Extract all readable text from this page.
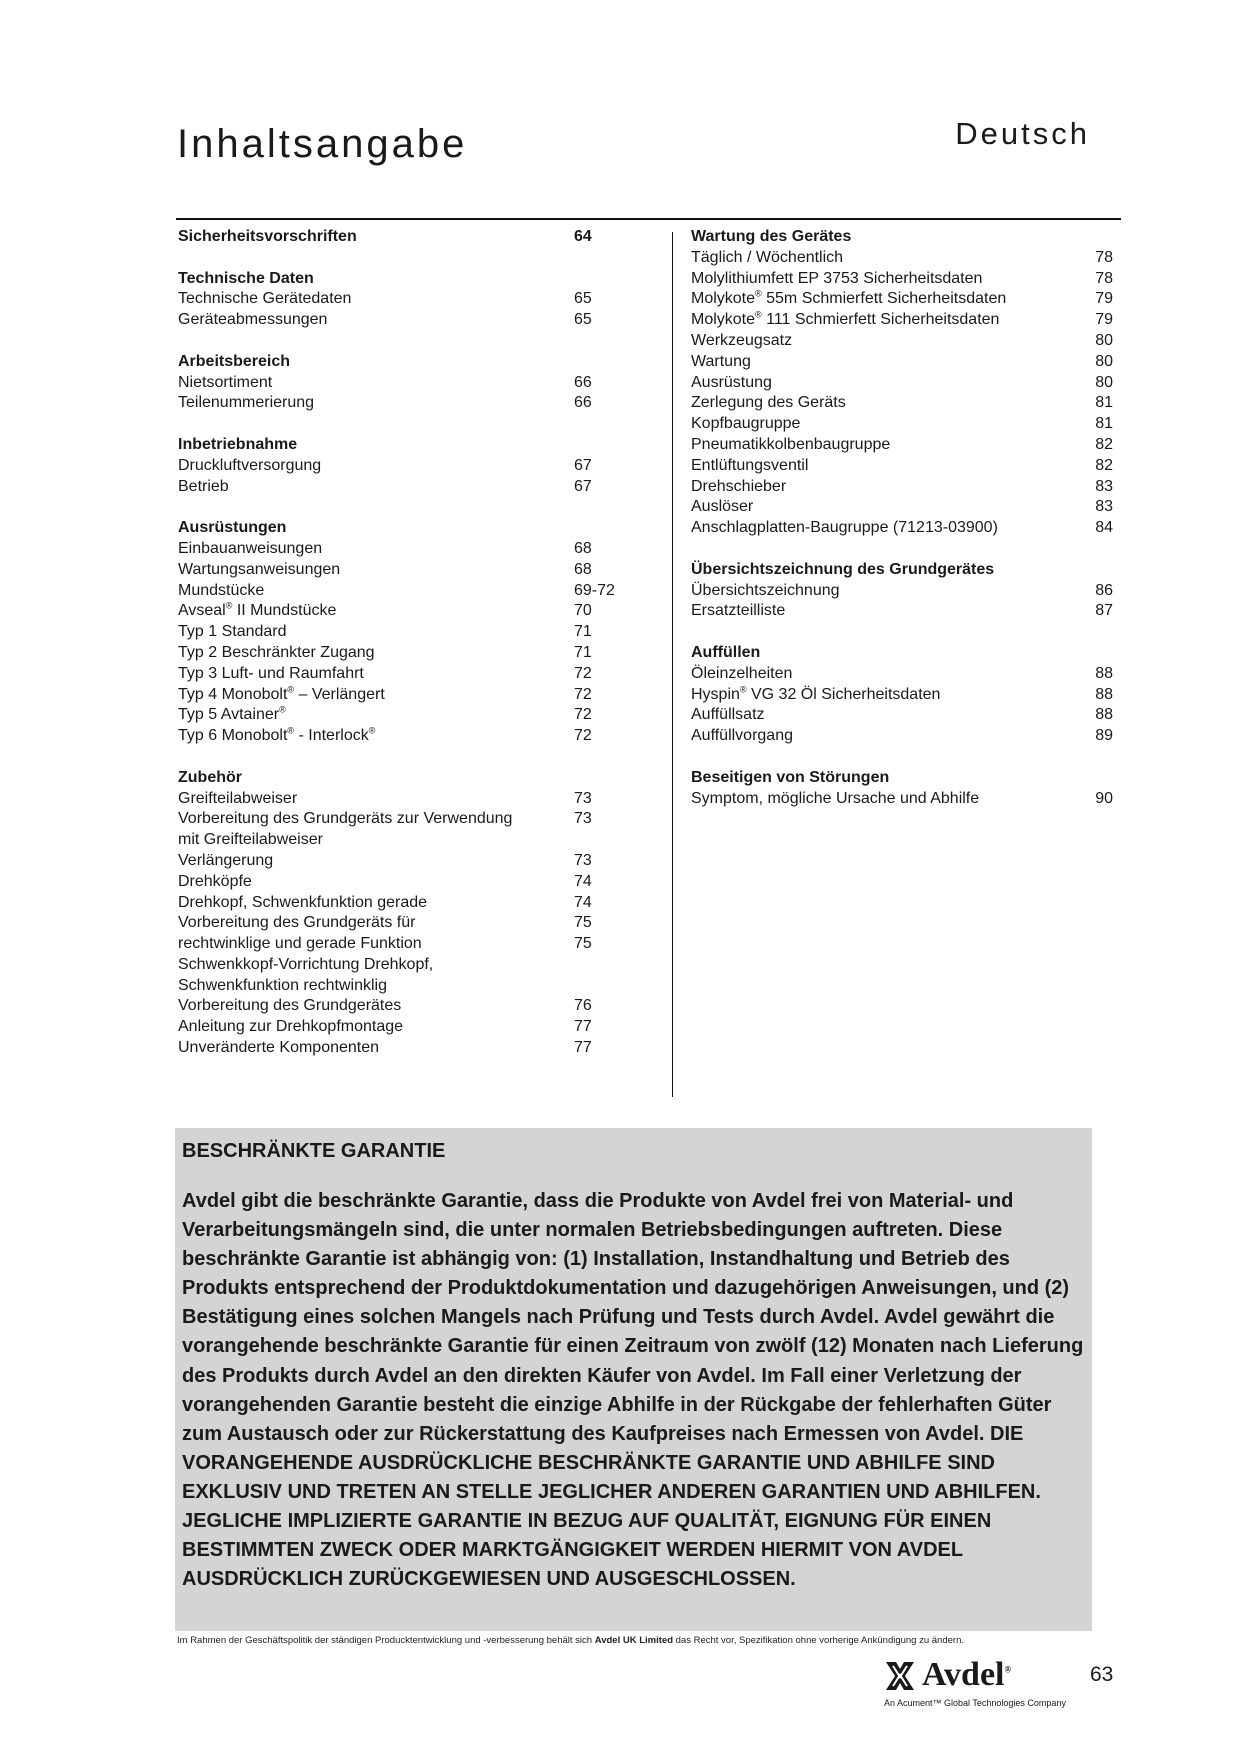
Inhaltsangabe	Deutsch
Sicherheitsvorschriften	64
Technische Daten
Technische Gerätedaten	65
Geräteabmessungen	65
Arbeitsbereich
Nietsortiment	66
Teilenummerierung	66
Inbetriebnahme
Druckluftversorgung	67
Betrieb	67
Ausrüstungen
Einbauanweisungen	68
Wartungsanweisungen	68
Mundstücke	69-72
Avseal® II Mundstücke	70
Typ 1 Standard	71
Typ 2 Beschränkter Zugang	71
Typ 3 Luft- und Raumfahrt	72
Typ 4 Monobolt® – Verlängert	72
Typ 5 Avtainer®	72
Typ 6 Monobolt® - Interlock®	72
Zubehör
Greifteilabweiser	73
Vorbereitung des Grundgeräts zur Verwendung	73
mit Greifteilabweiser
Verlängerung	73
Drehköpfe	74
Drehkopf, Schwenkfunktion gerade	74
Vorbereitung des Grundgeräts für	75
rechtwinklige und gerade Funktion	75
Schwenkkopf-Vorrichtung Drehkopf,
Schwenkfunktion rechtwinklig
Vorbereitung des Grundgerätes	76
Anleitung zur Drehkopfmontage	77
Unveränderte Komponenten	77
Wartung des Gerätes
Täglich / Wöchentlich	78
Molylithiumfett EP 3753 Sicherheitsdaten	78
Molykote® 55m Schmierfett Sicherheitsdaten	79
Molykote® 111 Schmierfett Sicherheitsdaten	79
Werkzeugsatz	80
Wartung	80
Ausrüstung	80
Zerlegung des Geräts	81
Kopfbaugruppe	81
Pneumatikkolbenbaugruppe	82
Entlüftungsventil	82
Drehschieber	83
Auslöser	83
Anschlagplatten-Baugruppe (71213-03900)	84
Übersichtszeichnung des Grundgerätes
Übersichtszeichnung	86
Ersatzteilliste	87
Auffüllen
Öleinzelheiten	88
Hyspin® VG 32 Öl Sicherheitsdaten	88
Auffüllsatz	88
Auffüllvorgang	89
Beseitigen von Störungen
Symptom, mögliche Ursache und Abhilfe	90
BESCHRÄNKTE GARANTIE

Avdel gibt die beschränkte Garantie, dass die Produkte von Avdel frei von Material- und Verarbeitungsmängeln sind, die unter normalen Betriebsbedingungen auftreten. Diese beschränkte Garantie ist abhängig von: (1) Installation, Instandhaltung und Betrieb des Produkts entsprechend der Produktdokumentation und dazugehörigen Anweisungen, und (2) Bestätigung eines solchen Mangels nach Prüfung und Tests durch Avdel. Avdel gewährt die vorangehende beschränkte Garantie für einen Zeitraum von zwölf (12) Monaten nach Lieferung des Produkts durch Avdel an den direkten Käufer von Avdel. Im Fall einer Verletzung der vorangehenden Garantie besteht die einzige Abhilfe in der Rückgabe der fehlerhaften Güter zum Austausch oder zur Rückerstattung des Kaufpreises nach Ermessen von Avdel. DIE VORANGEHENDE AUSDRÜCKLICHE BESCHRÄNKTE GARANTIE UND ABHILFE SIND EXKLUSIV UND TRETEN AN STELLE JEGLICHER ANDEREN GARANTIEN UND ABHILFEN. JEGLICHE IMPLIZIERTE GARANTIE IN BEZUG AUF QUALITÄT, EIGNUNG FÜR EINEN BESTIMMTEN ZWECK ODER MARKTGÄNGIGKEIT WERDEN HIERMIT VON AVDEL AUSDRÜCKLICH ZURÜCKGEWIESEN UND AUSGESCHLOSSEN.

Im Rahmen der Geschäftspolitik der ständigen Producktentwicklung und -verbesserung behält sich Avdel UK Limited das Recht vor, Spezifikation ohne vorherige Ankündigung zu ändern.
Avdel®
An Acument™ Global Technologies Company
63
